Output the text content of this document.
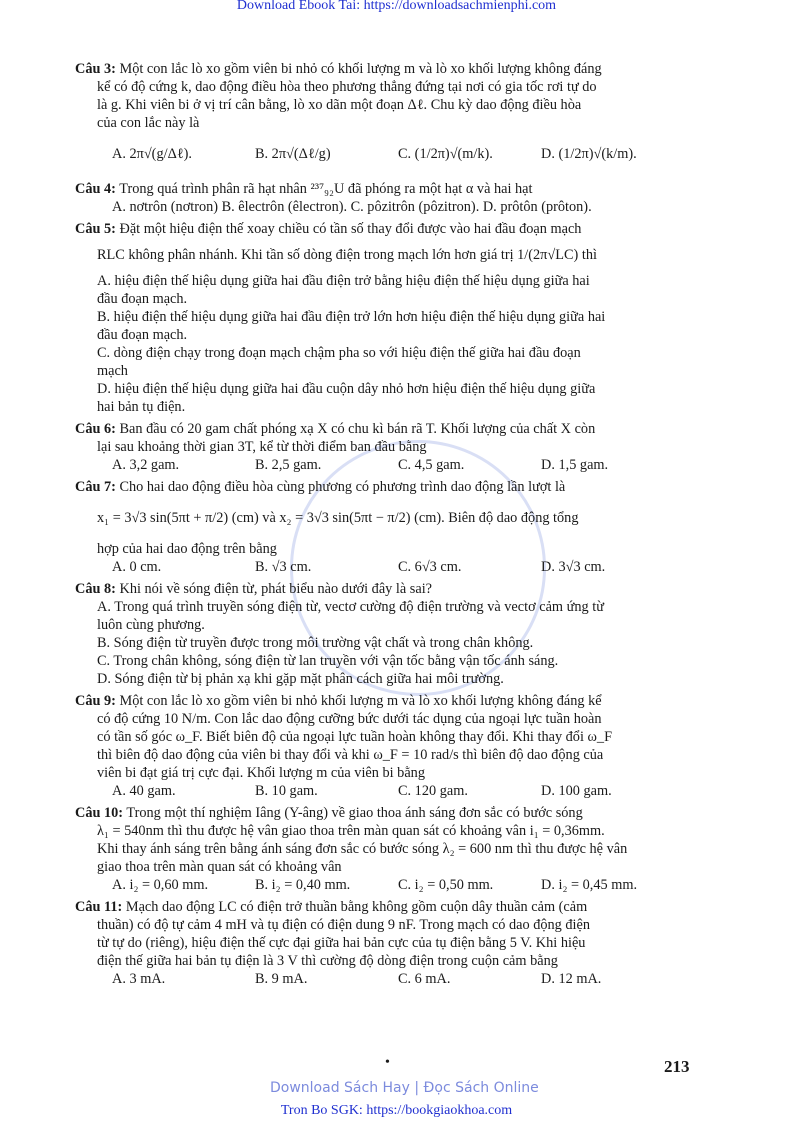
Download Ebook Tai: https://downloadsachmienphi.com
Câu 3: Một con lắc lò xo gồm viên bi nhỏ có khối lượng m và lò xo khối lượng không đáng
kể có độ cứng k, dao động điều hòa theo phương thẳng đứng tại nơi có gia tốc rơi tự do
là g. Khi viên bi ở vị trí cân bằng, lò xo dãn một đoạn Δℓ. Chu kỳ dao động điều hòa
của con lắc này là
A. 2π√(g/Δℓ).	B. 2π√(Δℓ/g)	C. (1/2π)√(m/k).	D. (1/2π)√(k/m).
Câu 4: Trong quá trình phân rã hạt nhân ²³⁷₉₂U đã phóng ra một hạt α và hai hạt
A. nơtrôn (nơtron) B. êlectrôn (êlectron). C. pôzitrôn (pôzitron). D. prôtôn (prôton).
Câu 5: Đặt một hiệu điện thế xoay chiều có tần số thay đổi được vào hai đầu đoạn mạch
RLC không phân nhánh. Khi tần số dòng điện trong mạch lớn hơn giá trị 1/(2π√LC) thì
A. hiệu điện thế hiệu dụng giữa hai đầu điện trở bằng hiệu điện thế hiệu dụng giữa hai
đầu đoạn mạch.
B. hiệu điện thế hiệu dụng giữa hai đầu điện trở lớn hơn hiệu điện thế hiệu dụng giữa hai
đầu đoạn mạch.
C. dòng điện chạy trong đoạn mạch chậm pha so với hiệu điện thế giữa hai đầu đoạn
mạch
D. hiệu điện thế hiệu dụng giữa hai đầu cuộn dây nhỏ hơn hiệu điện thế hiệu dụng giữa
hai bản tụ điện.
Câu 6: Ban đầu có 20 gam chất phóng xạ X có chu kì bán rã T. Khối lượng của chất X còn
lại sau khoảng thời gian 3T, kể từ thời điểm ban đầu bằng
A. 3,2 gam.	B. 2,5 gam.	C. 4,5 gam.	D. 1,5 gam.
Câu 7: Cho hai dao động điều hòa cùng phương có phương trình dao động lần lượt là
x₁ = 3√3 sin(5πt + π/2) (cm) và x₂ = 3√3 sin(5πt − π/2) (cm). Biên độ dao động tổng
hợp của hai dao động trên bằng
A. 0 cm.	B. √3 cm.	C. 6√3 cm.	D. 3√3 cm.
Câu 8: Khi nói về sóng điện từ, phát biểu nào dưới đây là sai?
A. Trong quá trình truyền sóng điện từ, vectơ cường độ điện trường và vectơ cảm ứng từ
luôn cùng phương.
B. Sóng điện từ truyền được trong môi trường vật chất và trong chân không.
C. Trong chân không, sóng điện từ lan truyền với vận tốc bằng vận tốc ánh sáng.
D. Sóng điện từ bị phản xạ khi gặp mặt phân cách giữa hai môi trường.
Câu 9: Một con lắc lò xo gồm viên bi nhỏ khối lượng m và lò xo khối lượng không đáng kể
có độ cứng 10 N/m. Con lắc dao động cưỡng bức dưới tác dụng của ngoại lực tuần hoàn
có tần số góc ω_F. Biết biên độ của ngoại lực tuần hoàn không thay đổi. Khi thay đổi ω_F
thì biên độ dao động của viên bi thay đổi và khi ω_F = 10 rad/s thì biên độ dao động của
viên bi đạt giá trị cực đại. Khối lượng m của viên bi bằng
A. 40 gam.	B. 10 gam.	C. 120 gam.	D. 100 gam.
Câu 10: Trong một thí nghiệm Iâng (Y-âng) về giao thoa ánh sáng đơn sắc có bước sóng
λ₁ = 540nm thì thu được hệ vân giao thoa trên màn quan sát có khoảng vân i₁ = 0,36mm.
Khi thay ánh sáng trên bằng ánh sáng đơn sắc có bước sóng λ₂ = 600 nm thì thu được hệ vân
giao thoa trên màn quan sát có khoảng vân
A. i₂ = 0,60 mm.	B. i₂ = 0,40 mm.	C. i₂ = 0,50 mm.	D. i₂ = 0,45 mm.
Câu 11: Mạch dao động LC có điện trở thuần bằng không gồm cuộn dây thuần cảm (cảm
thuần) có độ tự cảm 4 mH và tụ điện có điện dung 9 nF. Trong mạch có dao động điện
từ tự do (riêng), hiệu điện thế cực đại giữa hai bản cực của tụ điện bằng 5 V. Khi hiệu
điện thế giữa hai bản tụ điện là 3 V thì cường độ dòng điện trong cuộn cảm bằng
A. 3 mA.	B. 9 mA.	C. 6 mA.	D. 12 mA.
•	213
Download Sách Hay | Đọc Sách Online
Tron Bo SGK: https://bookgiaokhoa.com
